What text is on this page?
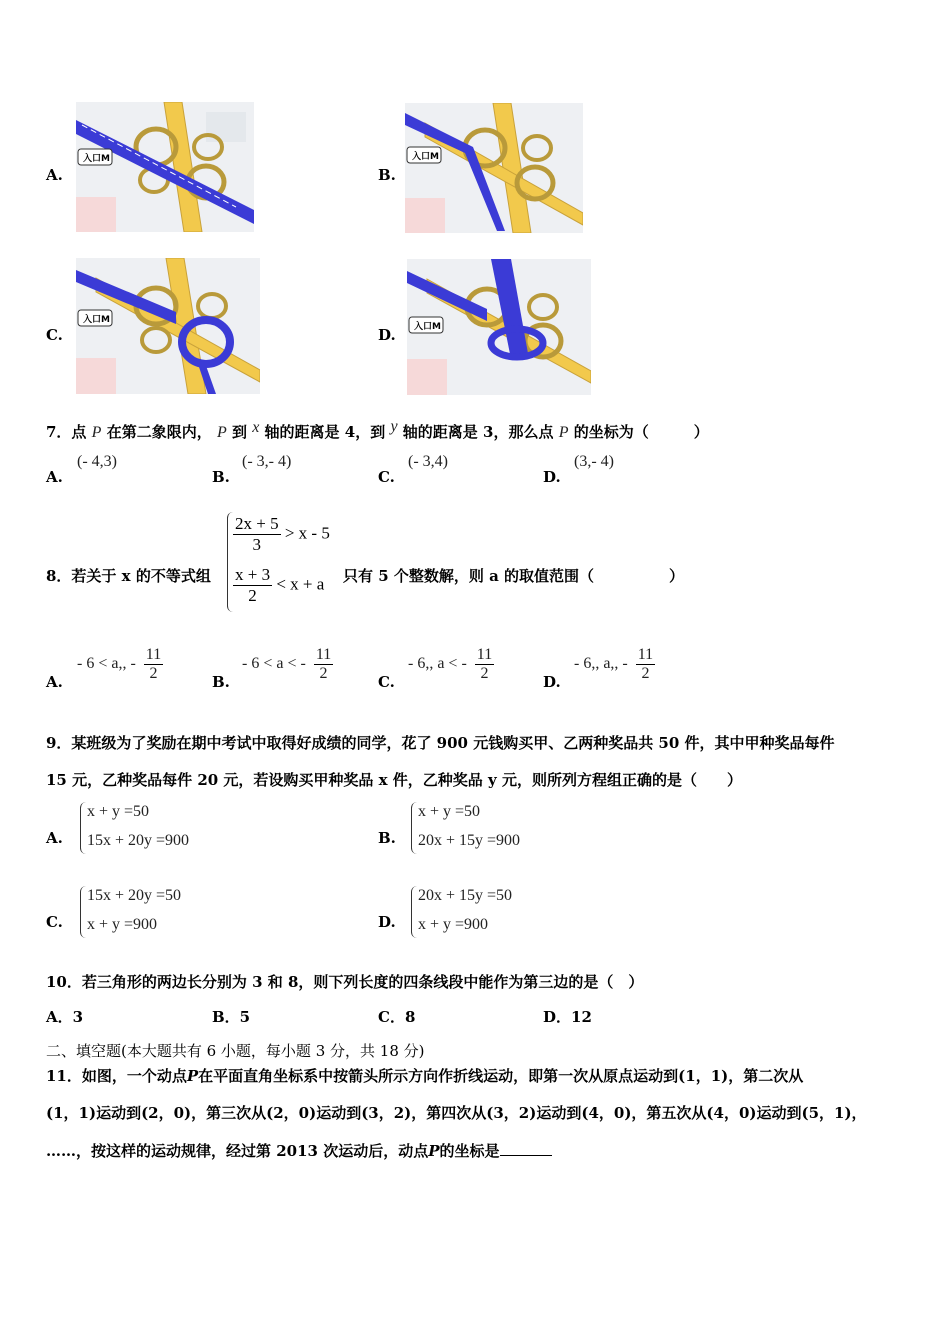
A.
入口M
B.
入口M
C.
入口M
D. 入口M
7．点 P 在第二象限内， P 到 x 轴的距离是 4，到 y 轴的距离是 3，那么点 P 的坐标为（　　　）
A.
(- 4,3)
B.
(- 3,- 4)
C.
(- 3,4)
D.
(3,- 4)
8．若关于 x 的不等式组
$\frac{2x + 5}{3} > x - 5$
$\frac{x + 3}{2} < x + a$ 只有 5 个整数解，则 a 的取值范围（　　　　　）
A.
- 6 < a,, - $\frac{11}{2}$	B.
- 6 < a < - $\frac{11}{2}$	C.
- 6,, a < - $\frac{11}{2}$	D.
- 6,, a,, - $\frac{11}{2}$
9．某班级为了奖励在期中考试中取得好成绩的同学，花了 900 元钱购买甲、乙两种奖品共 50 件，其中甲种奖品每件
15 元，乙种奖品每件 20 元，若设购买甲种奖品 x 件，乙种奖品 y 元，则所列方程组正确的是（　　）
A.
x + y =50
15x + 20y =900	B.
x + y =50
20x + 15y =900
C.
15x + 20y =50
x + y =900	D.
20x + 15y =50
x + y =900
10．若三角形的两边长分别为 3 和 8，则下列长度的四条线段中能作为第三边的是（　）
A．3	B．5	C．8	D．12
二、填空题(本大题共有 6 小题，每小题 3 分，共 18 分)
11．如图，一个动点P在平面直角坐标系中按箭头所示方向作折线运动，即第一次从原点运动到(1，1)，第二次从
(1，1)运动到(2，0)，第三次从(2，0)运动到(3，2)，第四次从(3，2)运动到(4，0)，第五次从(4，0)运动到(5，1)，
……，按这样的运动规律，经过第 2013 次运动后，动点P的坐标是
